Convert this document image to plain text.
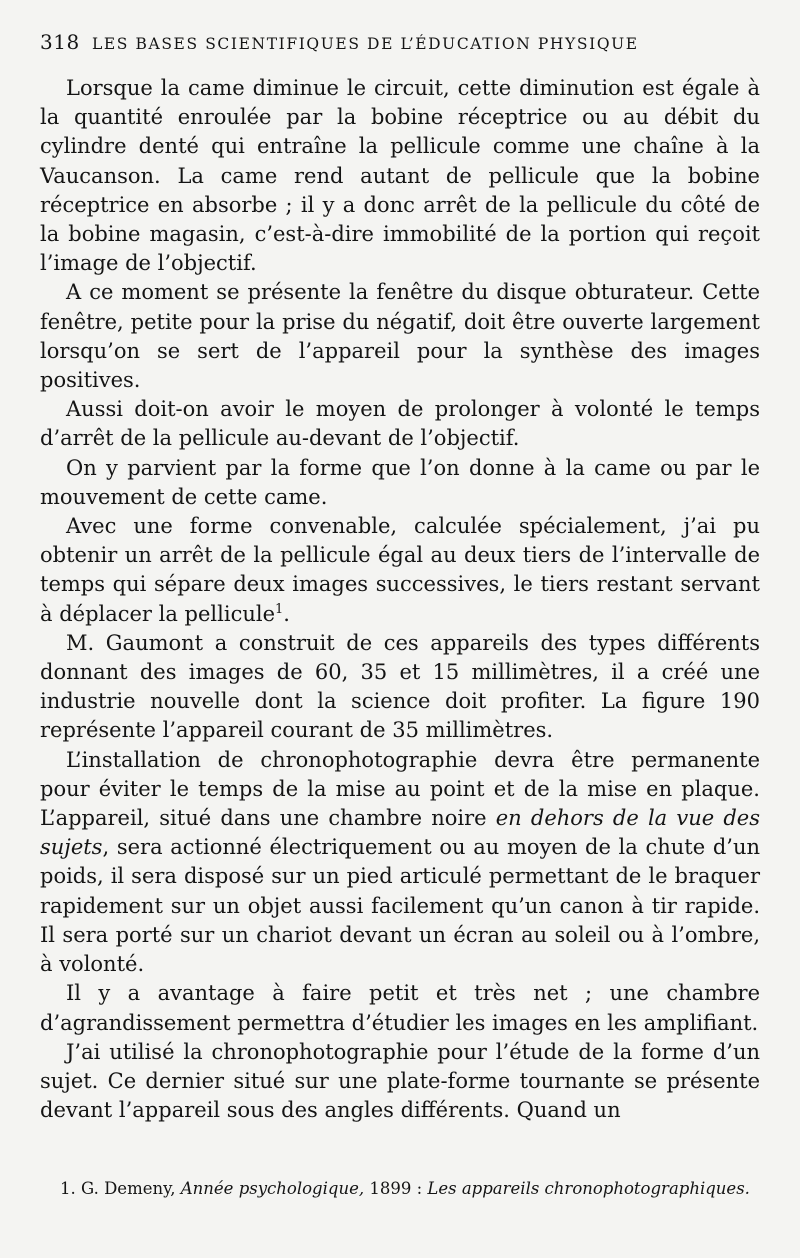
318 LES BASES SCIENTIFIQUES DE L’ÉDUCATION PHYSIQUE

Lorsque la came diminue le circuit, cette diminution est égale à la quantité enroulée par la bobine réceptrice ou au débit du cylindre denté qui entraîne la pellicule comme une chaîne à la Vaucanson. La came rend autant de pellicule que la bobine réceptrice en absorbe ; il y a donc arrêt de la pellicule du côté de la bobine magasin, c’est-à-dire immobilité de la portion qui reçoit l’image de l’objectif.

A ce moment se présente la fenêtre du disque obturateur. Cette fenêtre, petite pour la prise du négatif, doit être ouverte largement lorsqu’on se sert de l’appareil pour la synthèse des images positives.

Aussi doit-on avoir le moyen de prolonger à volonté le temps d’arrêt de la pellicule au-devant de l’objectif.

On y parvient par la forme que l’on donne à la came ou par le mouvement de cette came.

Avec une forme convenable, calculée spécialement, j’ai pu obtenir un arrêt de la pellicule égal au deux tiers de l’intervalle de temps qui sépare deux images successives, le tiers restant servant à déplacer la pellicule$^1$.

M. Gaumont a construit de ces appareils des types différents donnant des images de 60, 35 et 15 millimètres, il a créé une industrie nouvelle dont la science doit profiter. La figure 190 représente l’appareil courant de 35 millimètres.

L’installation de chronophotographie devra être permanente pour éviter le temps de la mise au point et de la mise en plaque. L’appareil, situé dans une chambre noire en dehors de la vue des sujets, sera actionné électriquement ou au moyen de la chute d’un poids, il sera disposé sur un pied articulé permettant de le braquer rapidement sur un objet aussi facilement qu’un canon à tir rapide. Il sera porté sur un chariot devant un écran au soleil ou à l’ombre, à volonté.

Il y a avantage à faire petit et très net ; une chambre d’agrandissement permettra d’étudier les images en les amplifiant.

J’ai utilisé la chronophotographie pour l’étude de la forme d’un sujet. Ce dernier situé sur une plate-forme tournante se présente devant l’appareil sous des angles différents. Quand un

1. G. Demeny, Année psychologique, 1899 : Les appareils chronophotographiques.
